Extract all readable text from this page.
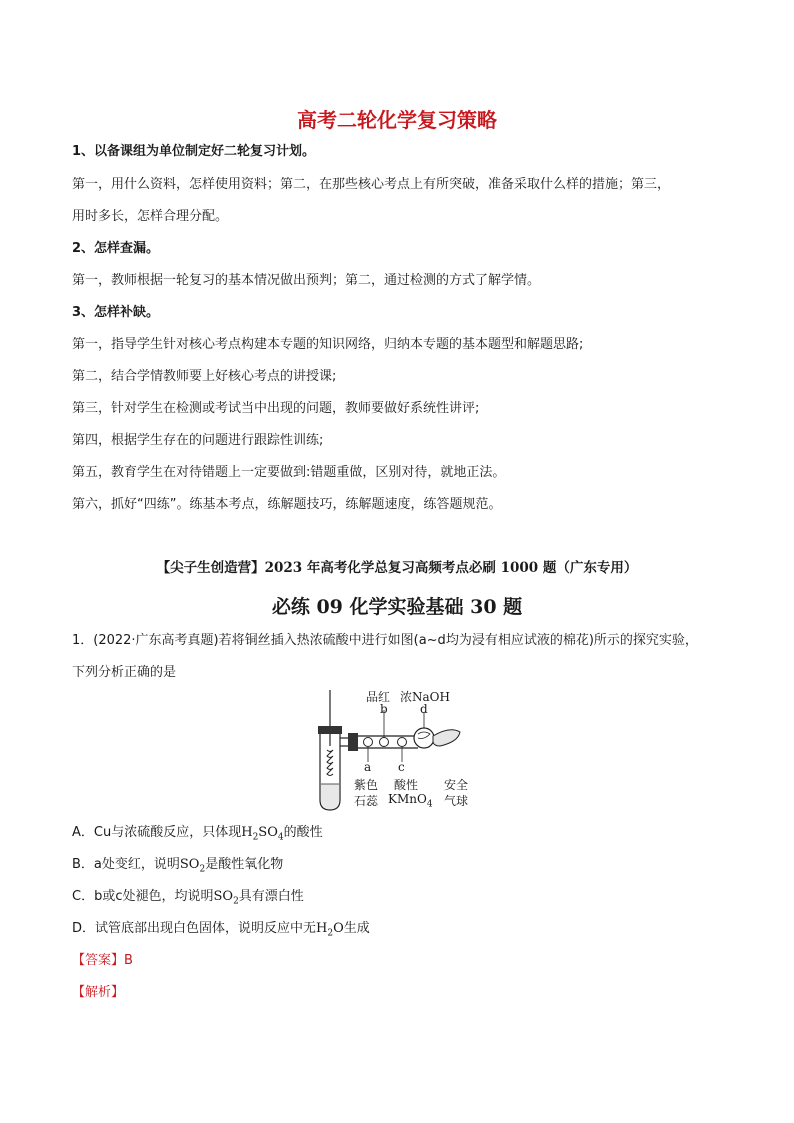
高考二轮化学复习策略
1、以备课组为单位制定好二轮复习计划。
第一，用什么资料，怎样使用资料；第二，在那些核心考点上有所突破，准备采取什么样的措施；第三，
用时多长，怎样合理分配。
2、怎样查漏。
第一，教师根据一轮复习的基本情况做出预判；第二，通过检测的方式了解学情。
3、怎样补缺。
第一，指导学生针对核心考点构建本专题的知识网络，归纳本专题的基本题型和解题思路;
第二，结合学情教师要上好核心考点的讲授课;
第三，针对学生在检测或考试当中出现的问题，教师要做好系统性讲评;
第四，根据学生存在的问题进行跟踪性训练;
第五，教育学生在对待错题上一定要做到:错题重做，区别对待，就地正法。
第六，抓好“四练”。练基本考点，练解题技巧，练解题速度，练答题规范。
【尖子生创造营】2023 年高考化学总复习高频考点必刷 1000 题（广东专用）
必练 09 化学实验基础 30 题
1．(2022·广东高考真题)若将铜丝插入热浓硫酸中进行如图(a~d均为浸有相应试液的棉花)所示的探究实验，
下列分析正确的是
品红 浓NaOH
b	d
a c
紫色
石蕊
酸性
KMnO$_4$
安全
气球
A．Cu与浓硫酸反应，只体现$H_2SO_4$的酸性
B．a处变红，说明$SO_2$是酸性氧化物
C．b或c处褪色，均说明$SO_2$具有漂白性
D．试管底部出现白色固体，说明反应中无$H_2O$生成
【答案】B
【解析】
